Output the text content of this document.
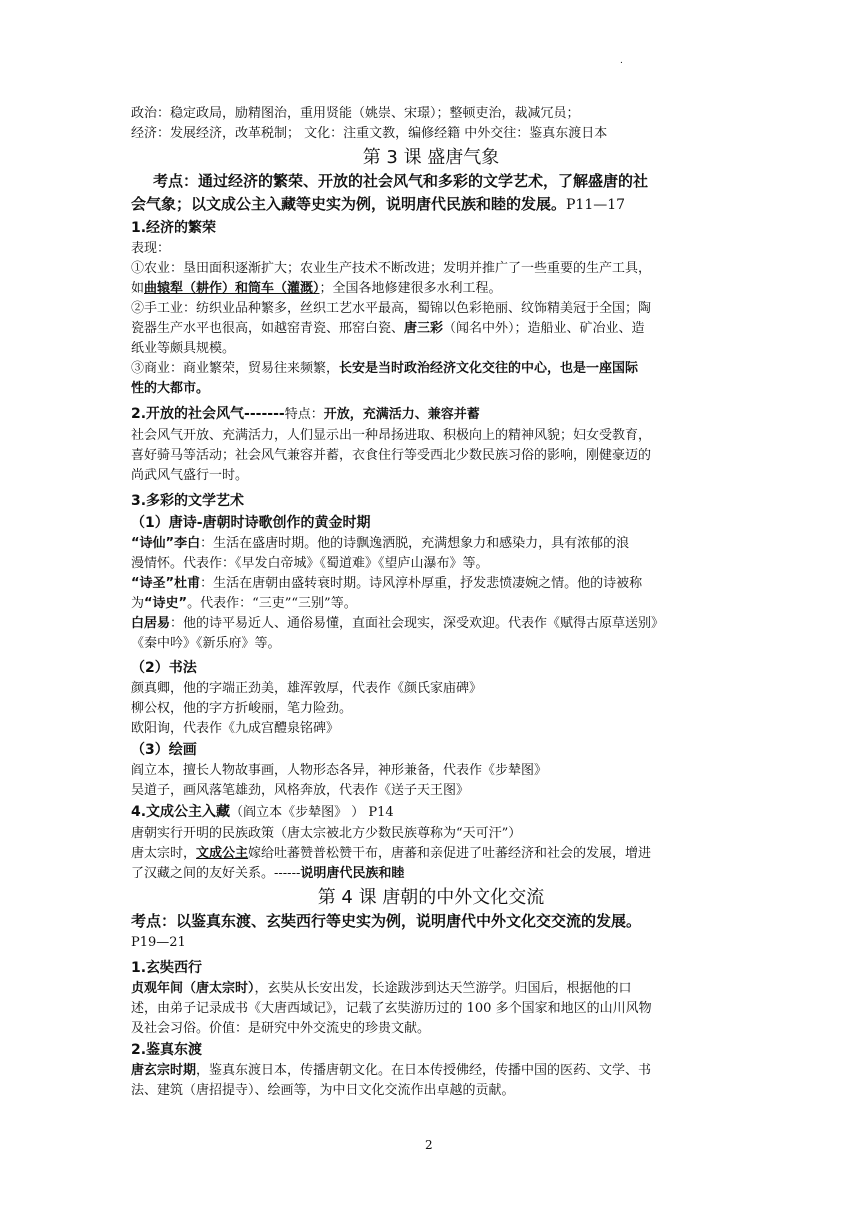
.

政治：稳定政局，励精图治，重用贤能（姚崇、宋璟）；整顿吏治，裁减冗员；

经济：发展经济，改革税制； 文化：注重文教，编修经籍 中外交往：鉴真东渡日本

第 3 课 盛唐气象

考点：通过经济的繁荣、开放的社会风气和多彩的文学艺术，了解盛唐的社

会气象；以文成公主入藏等史实为例，说明唐代民族和睦的发展。P11—17

1.经济的繁荣

表现：

①农业：垦田面积逐渐扩大；农业生产技术不断改进；发明并推广了一些重要的生产工具，

如曲辕犁（耕作）和筒车（灌溉）；全国各地修建很多水利工程。

②手工业：纺织业品种繁多，丝织工艺水平最高，蜀锦以色彩艳丽、纹饰精美冠于全国；陶

瓷器生产水平也很高，如越窑青瓷、邢窑白瓷、唐三彩（闻名中外）；造船业、矿冶业、造

纸业等颇具规模。

③商业：商业繁荣，贸易往来频繁，长安是当时政治经济文化交往的中心，也是一座国际

性的大都市。

2.开放的社会风气-------特点：开放，充满活力、兼容并蓄

社会风气开放、充满活力，人们显示出一种昂扬进取、积极向上的精神风貌；妇女受教育，

喜好骑马等活动；社会风气兼容并蓄，衣食住行等受西北少数民族习俗的影响，刚健豪迈的

尚武风气盛行一时。

3.多彩的文学艺术

（1）唐诗-唐朝时诗歌创作的黄金时期

“诗仙”李白：生活在盛唐时期。他的诗飘逸洒脱，充满想象力和感染力，具有浓郁的浪

漫情怀。代表作：《早发白帝城》《蜀道难》《望庐山瀑布》等。

“诗圣”杜甫：生活在唐朝由盛转衰时期。诗风淳朴厚重，抒发悲愤凄婉之情。他的诗被称

为“诗史”。代表作：“三吏”“三别”等。

白居易：他的诗平易近人、通俗易懂，直面社会现实，深受欢迎。代表作《赋得古原草送别》

《秦中吟》《新乐府》等。

（2）书法

颜真卿，他的字端正劲美，雄浑敦厚，代表作《颜氏家庙碑》

柳公权，他的字方折峻丽，笔力险劲。

欧阳询，代表作《九成宫醴泉铭碑》

（3）绘画

阎立本，擅长人物故事画，人物形态各异，神形兼备，代表作《步辇图》

吴道子，画风落笔雄劲，风格奔放，代表作《送子天王图》

4.文成公主入藏（阎立本《步辇图》 ） P14

唐朝实行开明的民族政策（唐太宗被北方少数民族尊称为“天可汗”）

唐太宗时，文成公主嫁给吐蕃赞普松赞干布，唐蕃和亲促进了吐蕃经济和社会的发展，增进

了汉藏之间的友好关系。------说明唐代民族和睦

第 4 课 唐朝的中外文化交流

考点：以鉴真东渡、玄奘西行等史实为例，说明唐代中外文化交交流的发展。

P19—21

1.玄奘西行

贞观年间（唐太宗时），玄奘从长安出发，长途跋涉到达天竺游学。归国后，根据他的口

述，由弟子记录成书《大唐西域记》，记载了玄奘游历过的 100 多个国家和地区的山川风物

及社会习俗。价值：是研究中外交流史的珍贵文献。

2.鉴真东渡

唐玄宗时期，鉴真东渡日本，传播唐朝文化。在日本传授佛经，传播中国的医药、文学、书

法、建筑（唐招提寺）、绘画等，为中日文化交流作出卓越的贡献。

2
